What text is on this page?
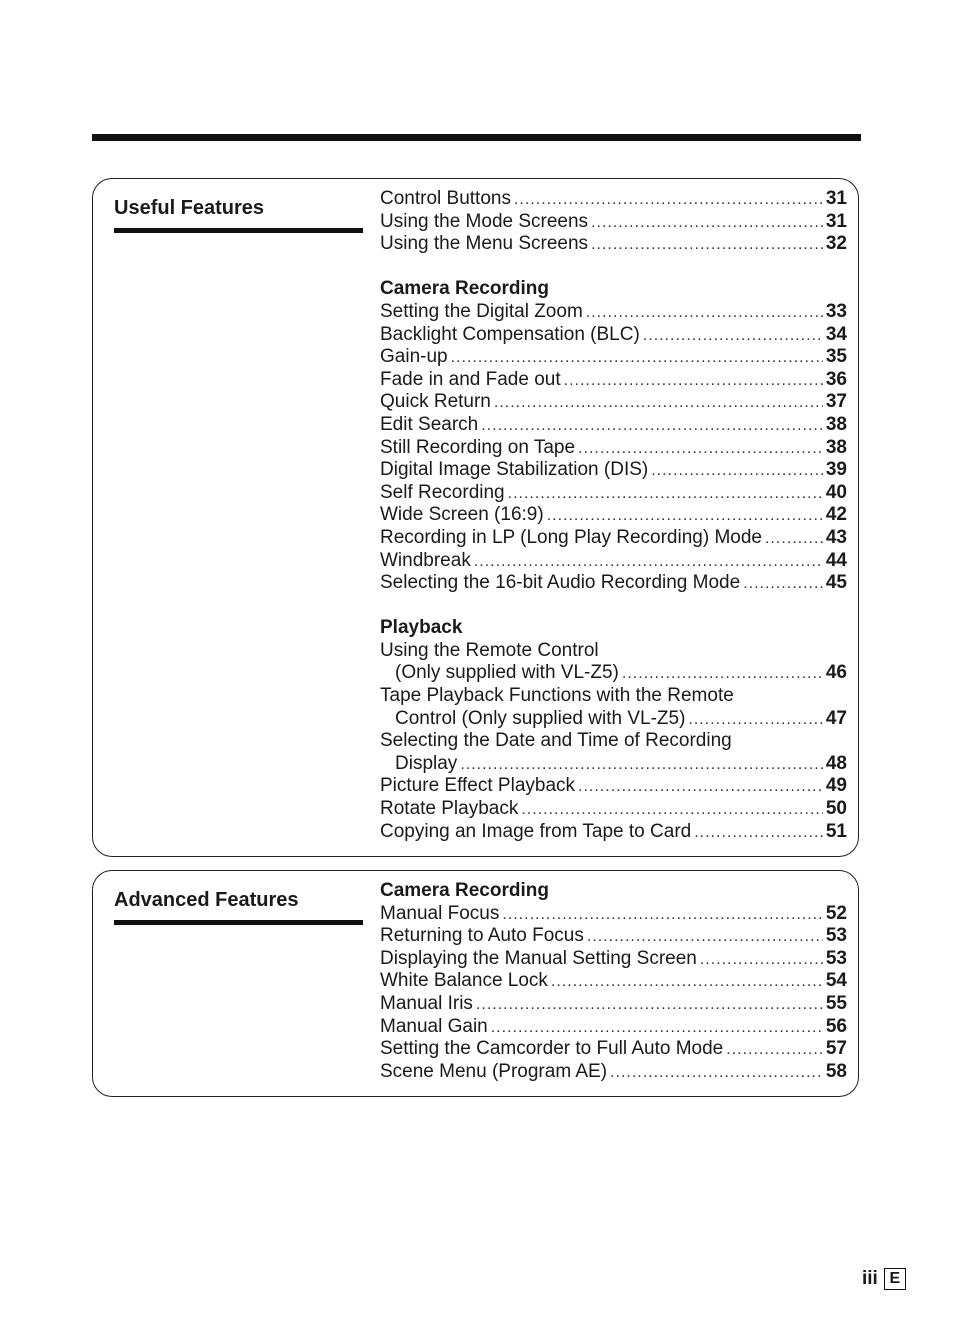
Useful Features	Control Buttons .....	31
Using the Mode Screens .....	31
Using the Menu Screens .....	32
Camera Recording
Setting the Digital Zoom .....	33
Backlight Compensation (BLC) .....	34
Gain-up .....	35
Fade in and Fade out .....	36
Quick Return .....	37
Edit Search .....	38
Still Recording on Tape .....	38
Digital Image Stabilization (DIS) .....	39
Self Recording .....	40
Wide Screen (16:9) .....	42
Recording in LP (Long Play Recording) Mode .....	43
Windbreak .....	44
Selecting the 16-bit Audio Recording Mode .....	45
Playback
Using the Remote Control
(Only supplied with VL-Z5) .....	46
Tape Playback Functions with the Remote
Control (Only supplied with VL-Z5) .....	47
Selecting the Date and Time of Recording
Display .....	48
Picture Effect Playback .....	49
Rotate Playback .....	50
Copying an Image from Tape to Card .....	51
Advanced Features	Camera Recording
Manual Focus .....	52
Returning to Auto Focus .....	53
Displaying the Manual Setting Screen .....	53
White Balance Lock .....	54
Manual Iris .....	55
Manual Gain .....	56
Setting the Camcorder to Full Auto Mode .....	57
Scene Menu (Program AE) .....	58
iii E
